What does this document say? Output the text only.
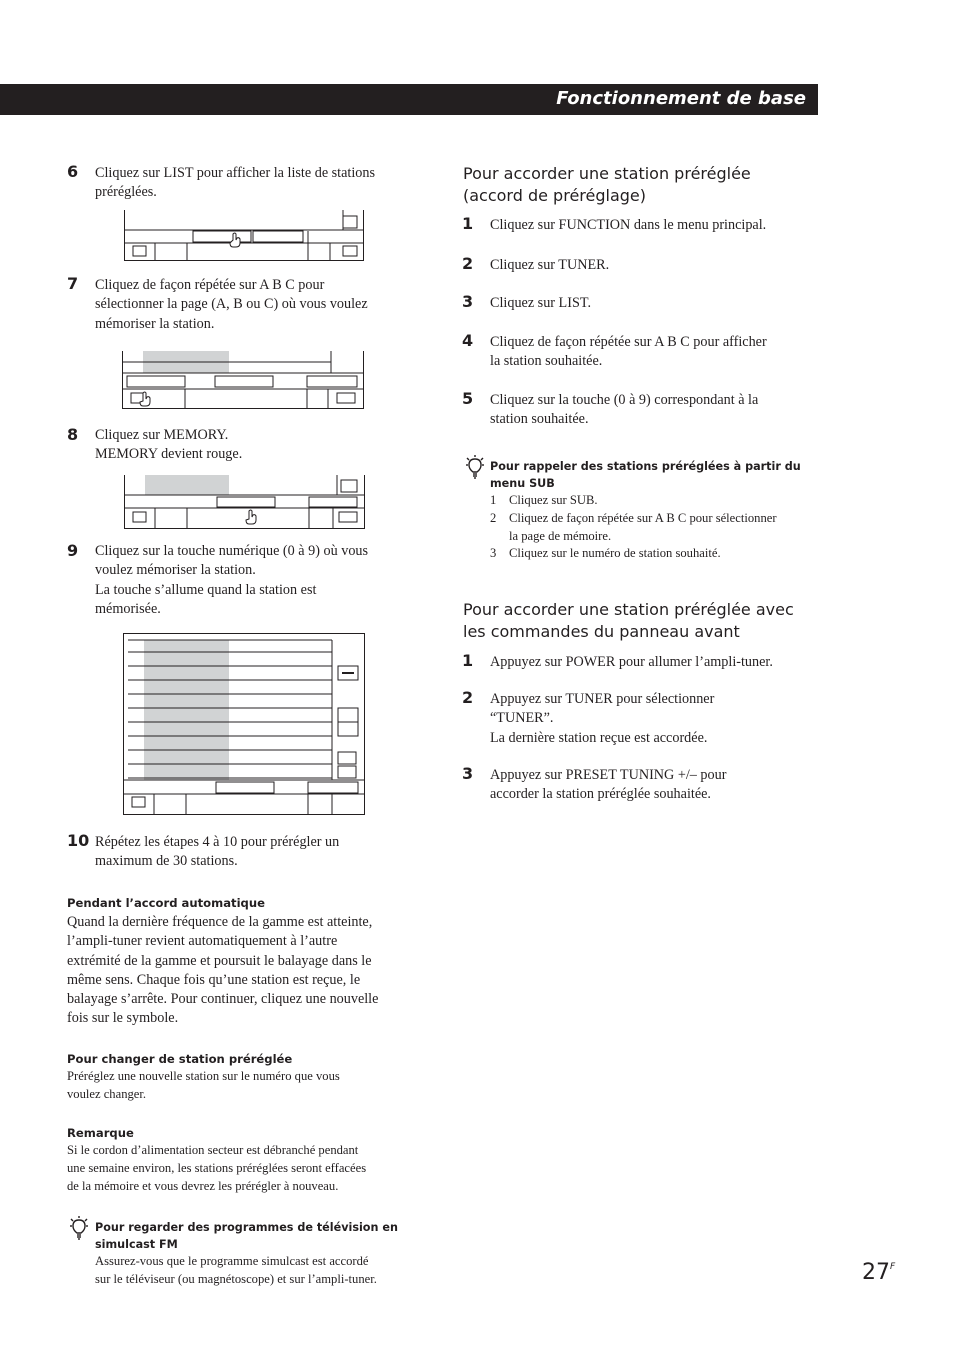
Fonctionnement de base
6 Cliquez sur LIST pour afficher la liste de stations
préréglées.
7 Cliquez de façon répétée sur A B C pour
sélectionner la page (A, B ou C) où vous voulez
mémoriser la station.
8 Cliquez sur MEMORY.
MEMORY devient rouge.
9 Cliquez sur la touche numérique (0 à 9) où vous
voulez mémoriser la station.
La touche s’allume quand la station est
mémorisée.
10 Répétez les étapes 4 à 10 pour prérégler un
maximum de 30 stations.
Pendant l’accord automatique
Quand la dernière fréquence de la gamme est atteinte,
l’ampli-tuner revient automatiquement à l’autre
extrémité de la gamme et poursuit le balayage dans le
même sens. Chaque fois qu’une station est reçue, le
balayage s’arrête. Pour continuer, cliquez une nouvelle
fois sur le symbole.
Pour changer de station préréglée
Préréglez une nouvelle station sur le numéro que vous
voulez changer.
Remarque
Si le cordon d’alimentation secteur est débranché pendant
une semaine environ, les stations préréglées seront effacées
de la mémoire et vous devrez les prérégler à nouveau.
Pour regarder des programmes de télévision en
simulcast FM
Assurez-vous que le programme simulcast est accordé
sur le téléviseur (ou magnétoscope) et sur l’ampli-tuner.
Pour accorder une station préréglée
(accord de préréglage)
1 Cliquez sur FUNCTION dans le menu principal.
2 Cliquez sur TUNER.
3 Cliquez sur LIST.
4 Cliquez de façon répétée sur A B C pour afficher
la station souhaitée.
5 Cliquez sur la touche (0 à 9) correspondant à la
station souhaitée.
Pour rappeler des stations préréglées à partir du
menu SUB
1 Cliquez sur SUB.
2 Cliquez de façon répétée sur A B C pour sélectionner
la page de mémoire.
3 Cliquez sur le numéro de station souhaité.
Pour accorder une station préréglée avec
les commandes du panneau avant
1 Appuyez sur POWER pour allumer l’ampli-tuner.
2 Appuyez sur TUNER pour sélectionner
“TUNER”.
La dernière station reçue est accordée.
3 Appuyez sur PRESET TUNING +/– pour
accorder la station préréglée souhaitée.
$27^F$
